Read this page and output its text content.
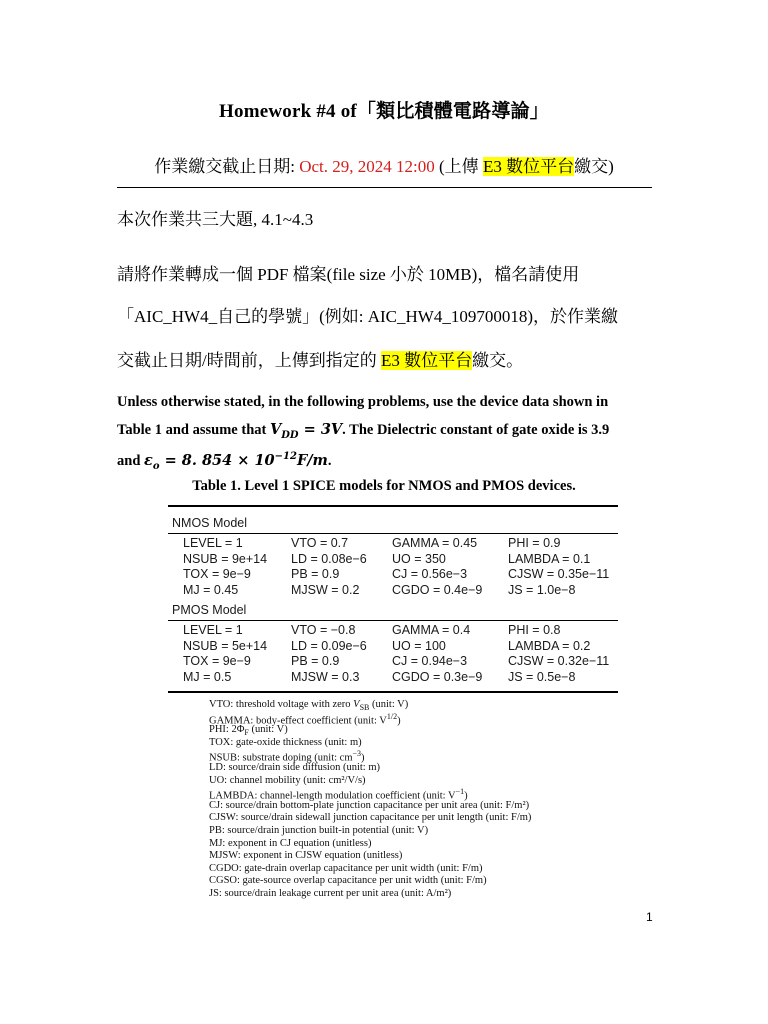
Homework #4 of「類比積體電路導論」
作業繳交截止日期: Oct. 29, 2024 12:00 (上傳 E3 數位平台繳交)
本次作業共三大題, 4.1~4.3
請將作業轉成一個 PDF 檔案(file size 小於 10MB)，檔名請使用
「AIC_HW4_自己的學號」(例如: AIC_HW4_109700018)，於作業繳
交截止日期/時間前，上傳到指定的 E3 數位平台繳交。
Unless otherwise stated, in the following problems, use the device data shown in
Table 1 and assume that $V_{DD} = 3V$. The Dielectric constant of gate oxide is 3.9
and $\varepsilon_o = 8$. $854 \times 10^{-12}F/m$.
Table 1. Level 1 SPICE models for NMOS and PMOS devices.
NMOS Model
LEVEL = 1	VTO = 0.7	GAMMA = 0.45 PHI = 0.9
NSUB = 9e+14 LD = 0.08e−6 UO = 350	LAMBDA = 0.1
TOX = 9e−9	PB = 0.9	CJ = 0.56e−3	CJSW = 0.35e−11
MJ = 0.45	MJSW = 0.2	CGDO = 0.4e−9 JS = 1.0e−8
PMOS Model
LEVEL = 1	VTO = −0.8	GAMMA = 0.4	PHI = 0.8
NSUB = 5e+14 LD = 0.09e−6 UO = 100	LAMBDA = 0.2
TOX = 9e−9	PB = 0.9	CJ = 0.94e−3	CJSW = 0.32e−11
MJ = 0.5	MJSW = 0.3	CGDO = 0.3e−9 JS = 0.5e−8
VTO: threshold voltage with zero $V_{SB}$ (unit: V)
GAMMA: body-effect coefficient (unit: $V^{1/2}$)
PHI: $2\Phi_F$ (unit: V)
TOX: gate-oxide thickness (unit: m)
NSUB: substrate doping (unit: $cm^{-3}$)
LD: source/drain side diffusion (unit: m)
UO: channel mobility (unit: cm²/V/s)
LAMBDA: channel-length modulation coefficient (unit: $V^{-1}$)
CJ: source/drain bottom-plate junction capacitance per unit area (unit: F/m²)
CJSW: source/drain sidewall junction capacitance per unit length (unit: F/m)
PB: source/drain junction built-in potential (unit: V)
MJ: exponent in CJ equation (unitless)
MJSW: exponent in CJSW equation (unitless)
CGDO: gate-drain overlap capacitance per unit width (unit: F/m)
CGSO: gate-source overlap capacitance per unit width (unit: F/m)
JS: source/drain leakage current per unit area (unit: A/m²)
1
